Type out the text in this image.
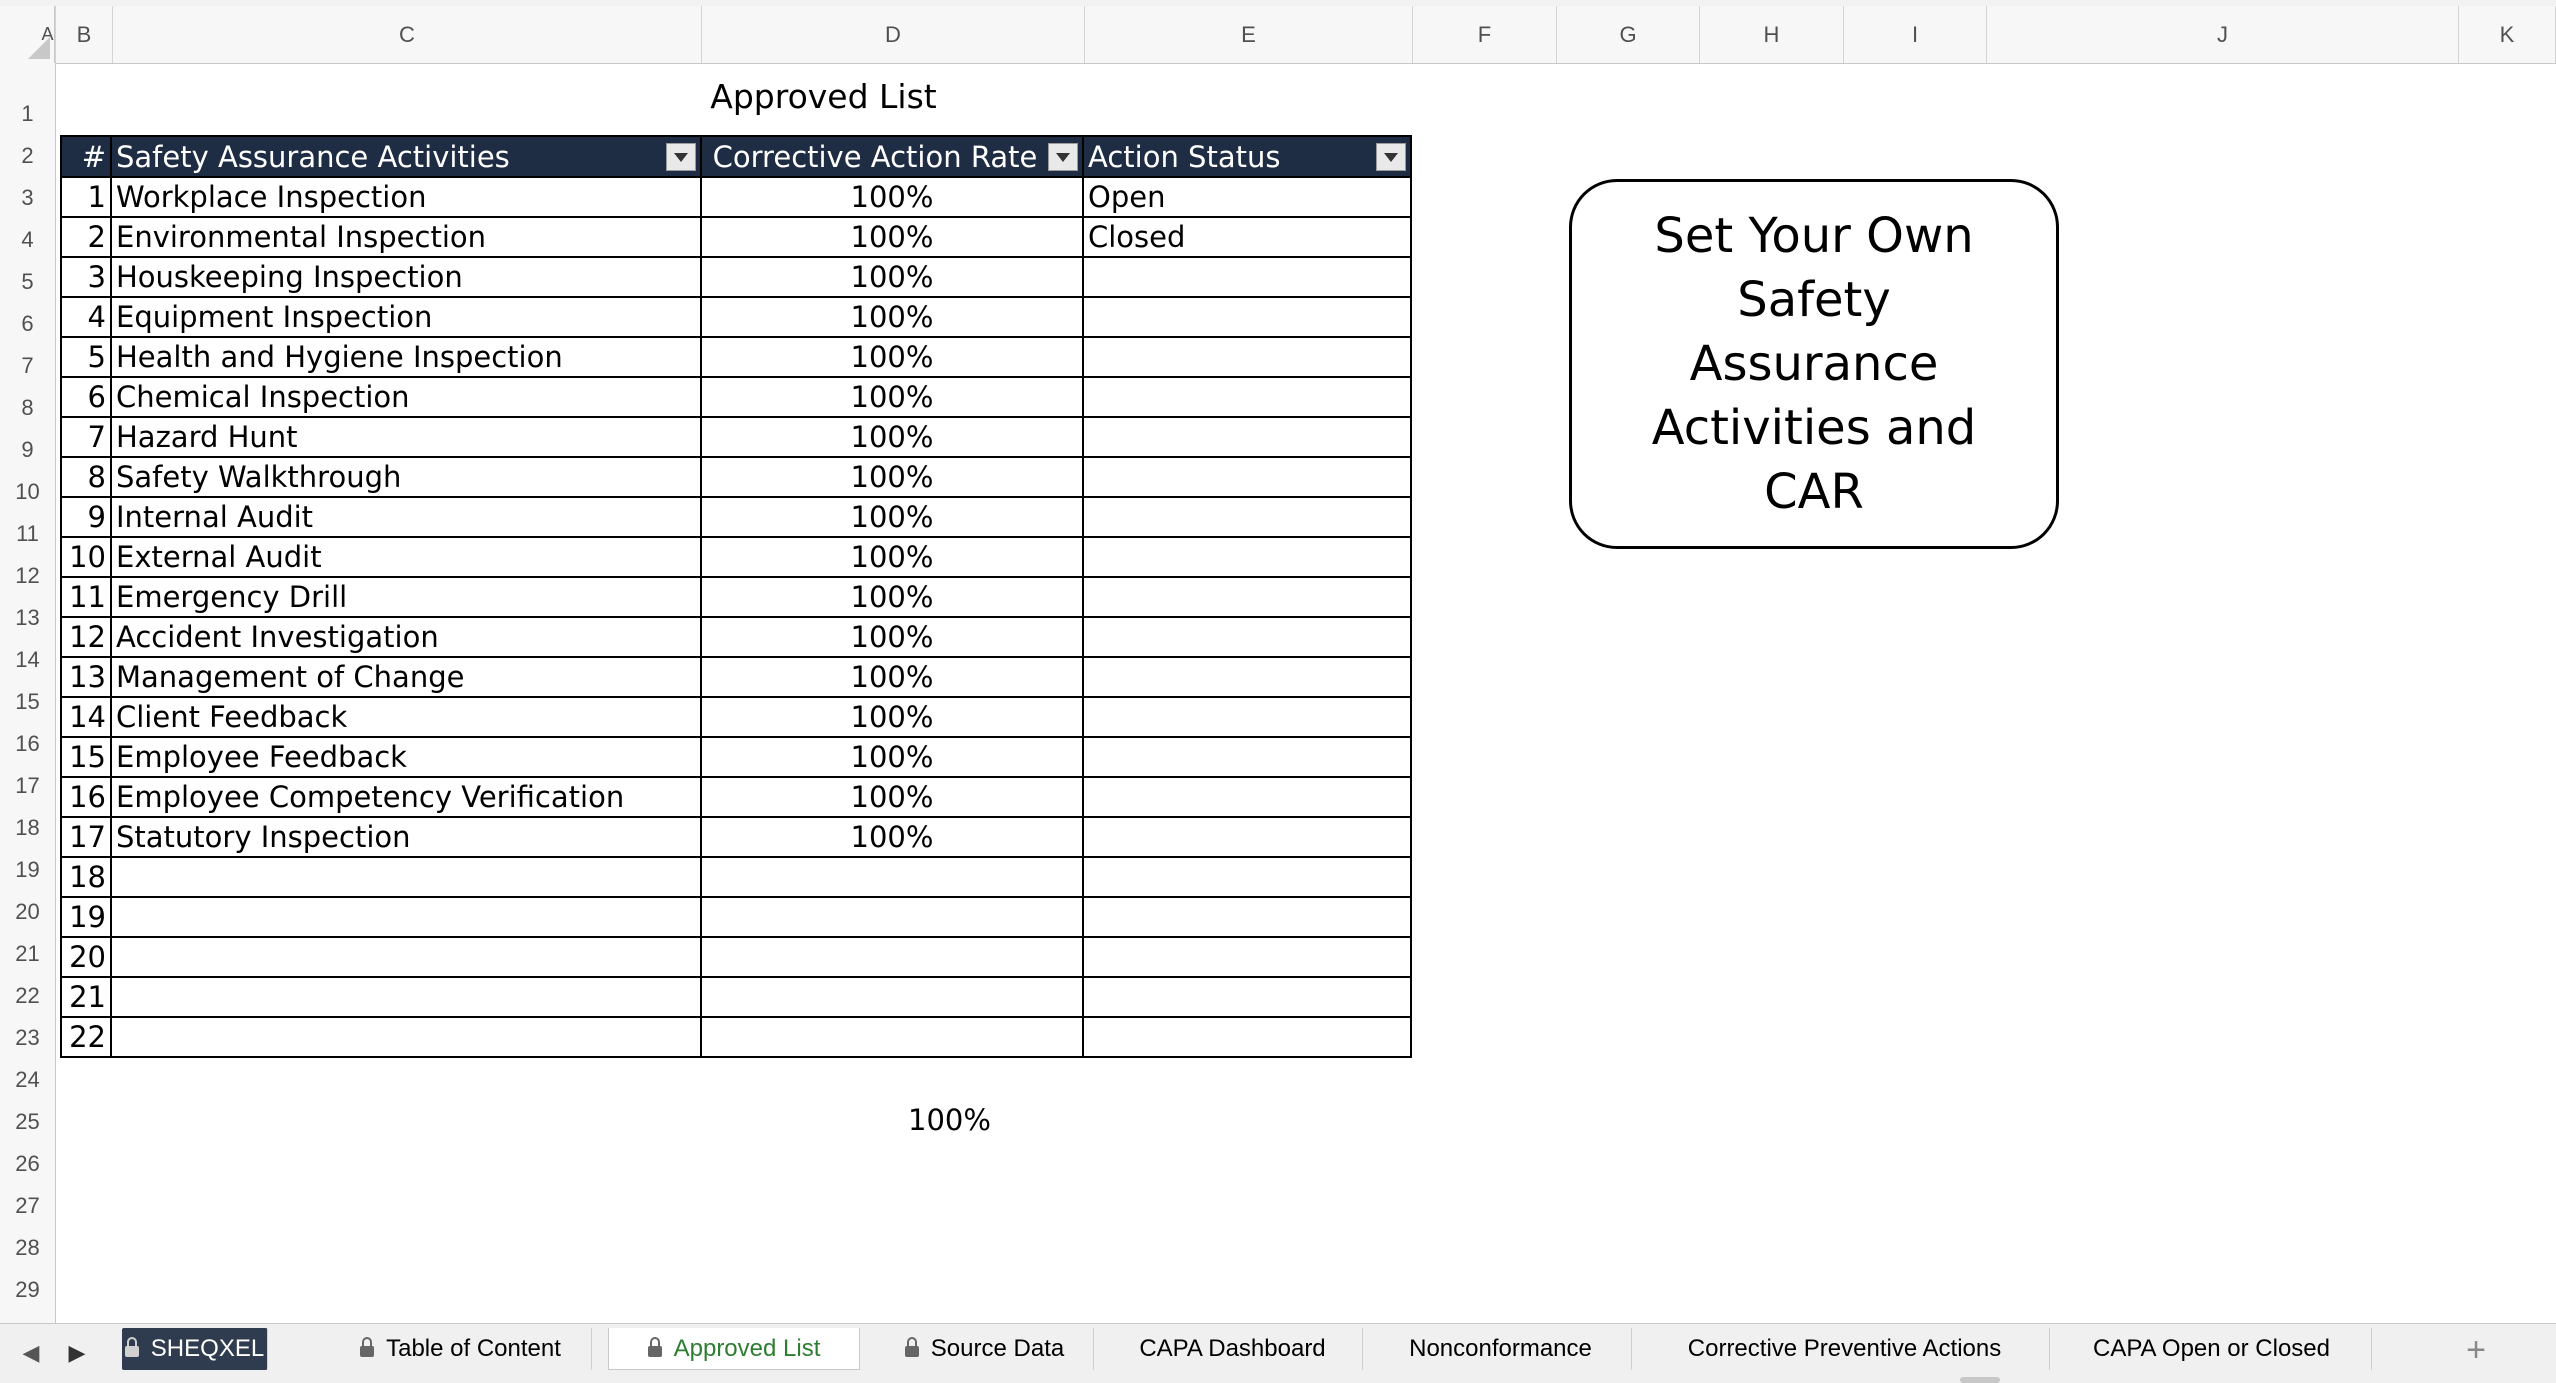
A	B	C	D	E	F	G	H	I	J	K
1
2
3
4
5
6
7
8
9
10
11
12
13
14
15
16
17
18
19
20
21
22
23
24
25
26
27
28
29
Approved List
#	Safety Assurance Activities	Corrective Action Rate	Action Status

1	Workplace Inspection	100%	Open
2	Environmental Inspection	100%	Closed
3	Houskeeping Inspection	100%	
4	Equipment Inspection	100%	
5	Health and Hygiene Inspection	100%	
6	Chemical Inspection	100%	
7	Hazard Hunt	100%	
8	Safety Walkthrough	100%	
9	Internal Audit	100%	
10	External Audit	100%	
11	Emergency Drill	100%	
12	Accident Investigation	100%	
13	Management of Change	100%	
14	Client Feedback	100%	
15	Employee Feedback	100%	
16	Employee Competency Verification	100%	
17	Statutory Inspection	100%	
18			
19			
20			
21			
22			
100%
Set Your Own Safety Assurance Activities and CAR
◀ ▶	SHEQXEL	Table of Content	Approved List	Source Data	CAPA Dashboard	Nonconformance	Corrective Preventive Actions	CAPA Open or Closed	+
